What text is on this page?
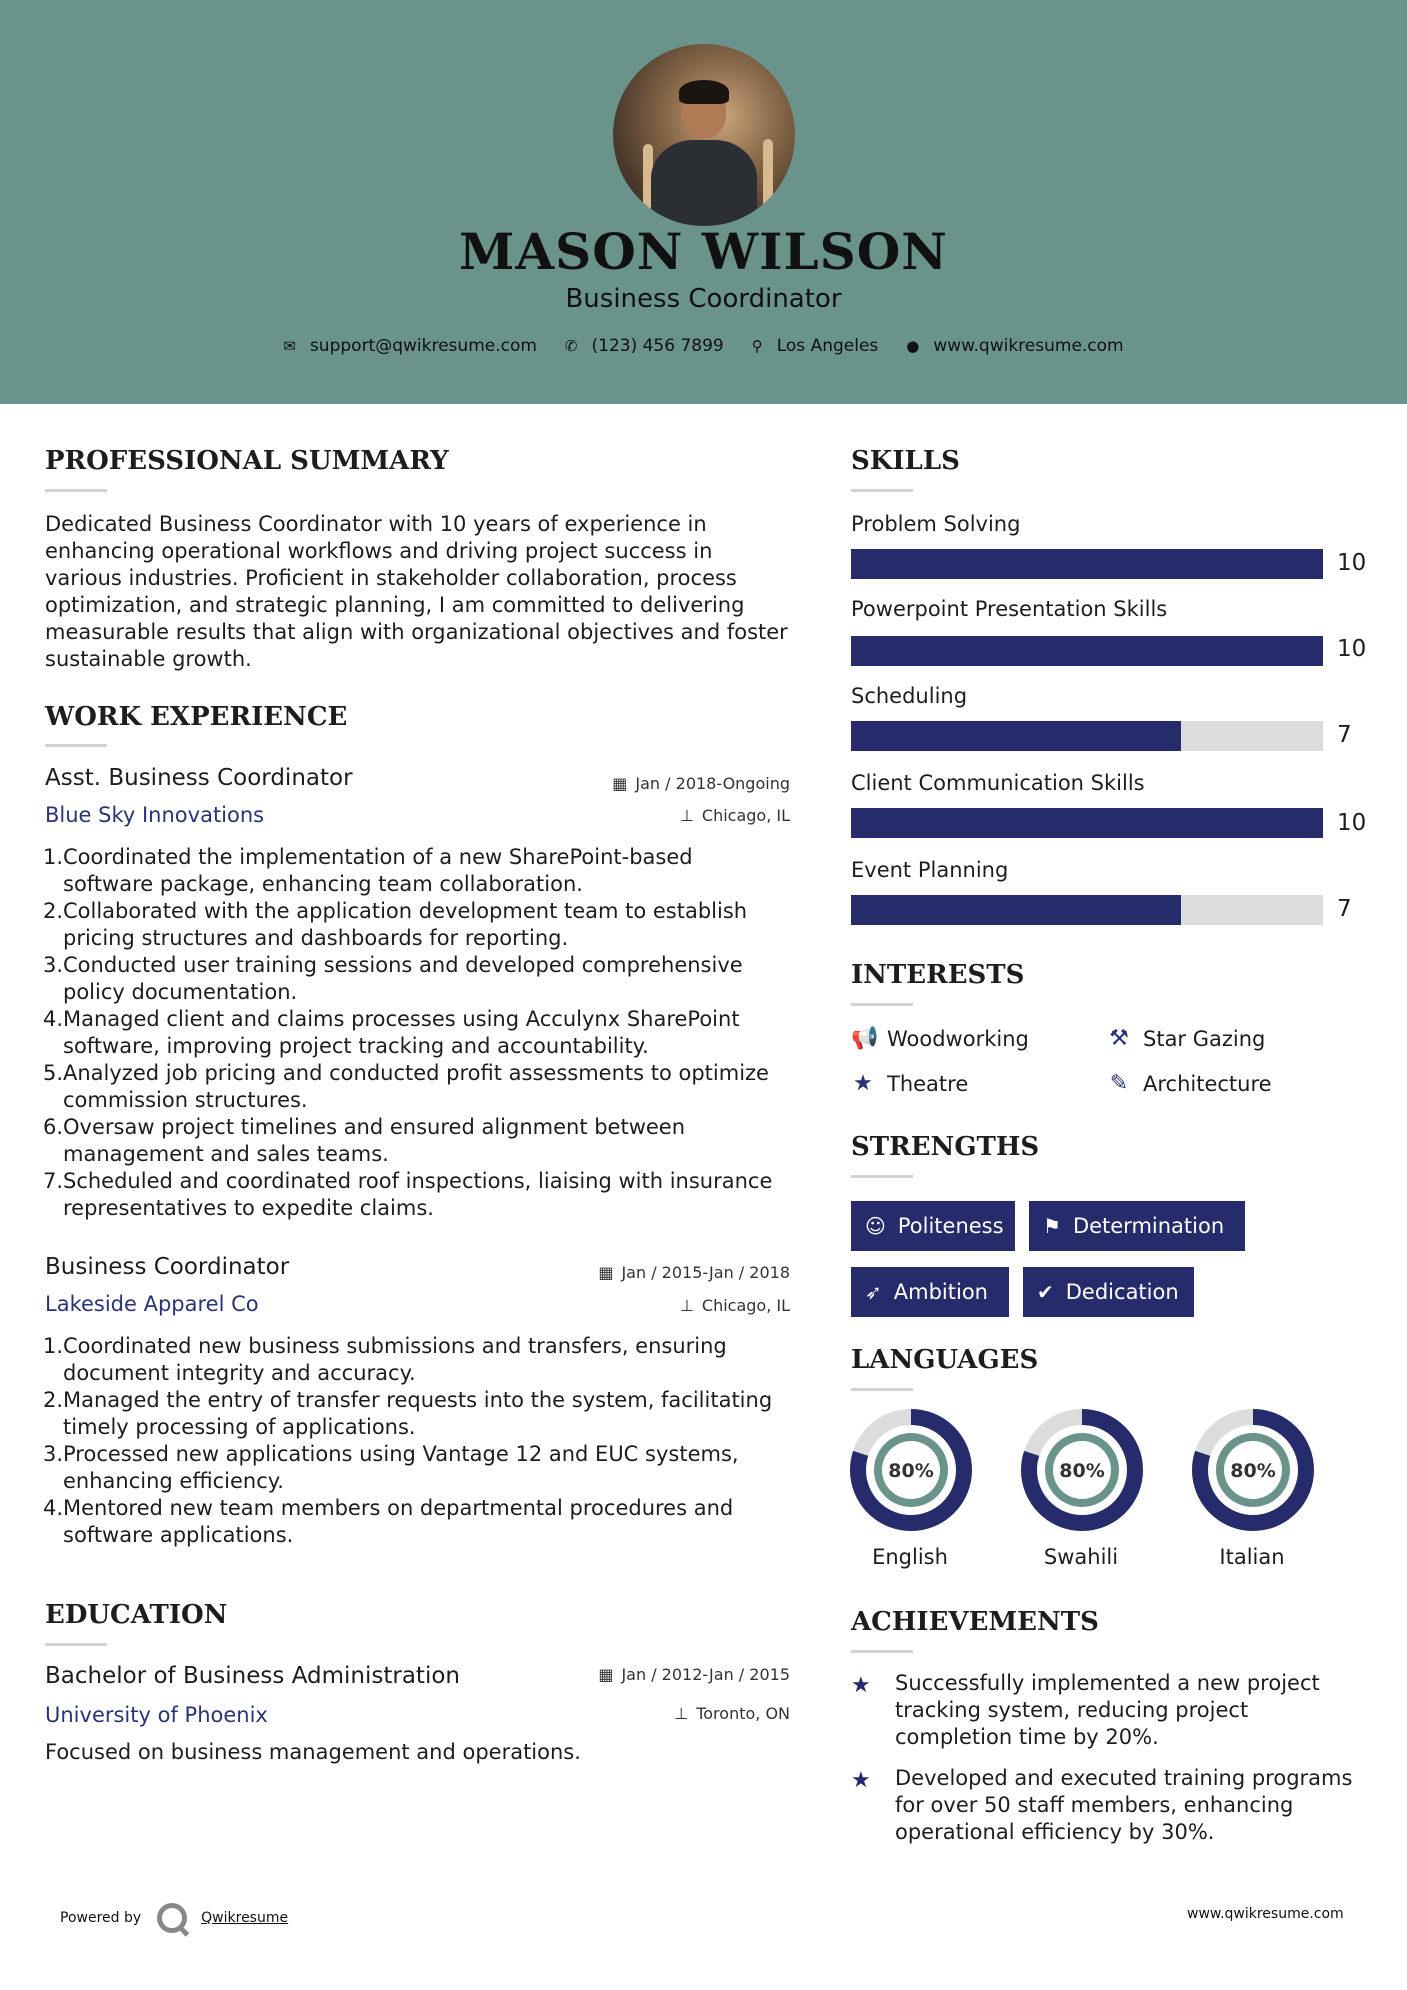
MASON WILSON
Business Coordinator
✉ support@qwikresume.com ✆ (123) 456 7899 ⚲ Los Angeles ● www.qwikresume.com
PROFESSIONAL SUMMARY
Dedicated Business Coordinator with 10 years of experience in
enhancing operational workflows and driving project success in
various industries. Proficient in stakeholder collaboration, process
optimization, and strategic planning, I am committed to delivering
measurable results that align with organizational objectives and foster
sustainable growth.
WORK EXPERIENCE
Asst. Business Coordinator	▦ Jan / 2018-Ongoing
Blue Sky Innovations	⊥ Chicago, IL
1. Coordinated the implementation of a new SharePoint-based
software package, enhancing team collaboration.
2. Collaborated with the application development team to establish
pricing structures and dashboards for reporting.
3. Conducted user training sessions and developed comprehensive
policy documentation.
4. Managed client and claims processes using Acculynx SharePoint
software, improving project tracking and accountability.
5. Analyzed job pricing and conducted profit assessments to optimize
commission structures.
6. Oversaw project timelines and ensured alignment between
management and sales teams.
7. Scheduled and coordinated roof inspections, liaising with insurance
representatives to expedite claims.
Business Coordinator	▦ Jan / 2015-Jan / 2018
Lakeside Apparel Co	⊥ Chicago, IL
1. Coordinated new business submissions and transfers, ensuring
document integrity and accuracy.
2. Managed the entry of transfer requests into the system, facilitating
timely processing of applications.
3. Processed new applications using Vantage 12 and EUC systems,
enhancing efficiency.
4. Mentored new team members on departmental procedures and
software applications.
EDUCATION
Bachelor of Business Administration	▦ Jan / 2012-Jan / 2015
University of Phoenix	⊥ Toronto, ON
Focused on business management and operations.
SKILLS
Problem Solving
10
Powerpoint Presentation Skills
10
Scheduling
7
Client Communication Skills
10
Event Planning
7
INTERESTS
📢 Woodworking	⚒ Star Gazing
★ Theatre	✎ Architecture
STRENGTHS
☺ Politeness ⚑ Determination
➶ Ambition ✔ Dedication
LANGUAGES
80%
English
80%
Swahili
80%
Italian
ACHIEVEMENTS
★ Successfully implemented a new project
tracking system, reducing project
completion time by 20%.
★ Developed and executed training programs
for over 50 staff members, enhancing
operational efficiency by 30%.
Powered by	Qwikresume	www.qwikresume.com
